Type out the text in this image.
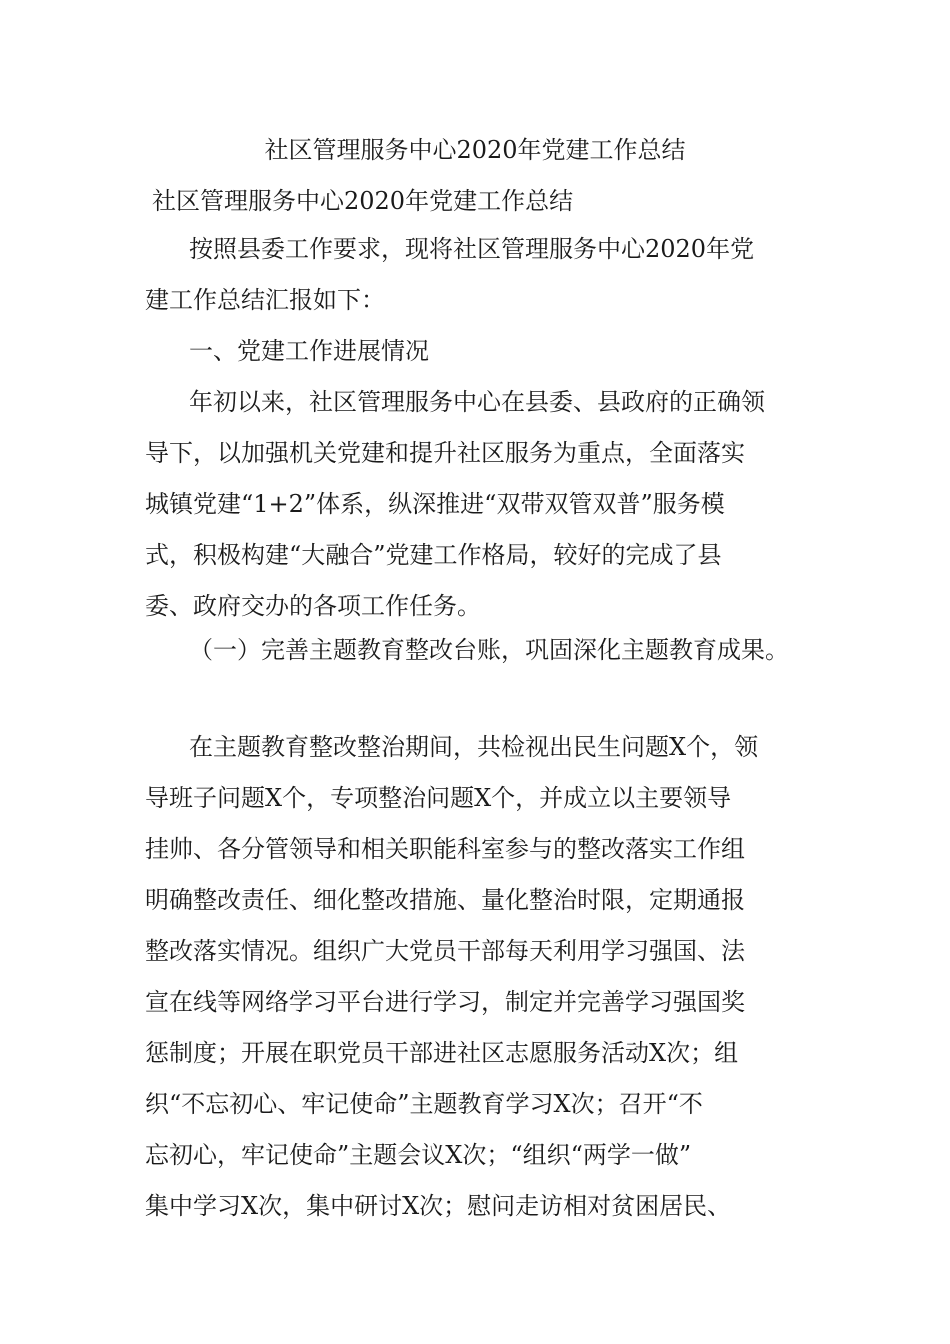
社区管理服务中心2020年党建工作总结
社区管理服务中心2020年党建工作总结
按照县委工作要求，现将社区管理服务中心2020年党
建工作总结汇报如下：
一、党建工作进展情况
年初以来，社区管理服务中心在县委、县政府的正确领
导下，以加强机关党建和提升社区服务为重点，全面落实
城镇党建“1+2”体系，纵深推进“双带双管双普”服务模
式，积极构建“大融合”党建工作格局，较好的完成了县
委、政府交办的各项工作任务。
（一）完善主题教育整改台账，巩固深化主题教育成果。
在主题教育整改整治期间，共检视出民生问题X个，领
导班子问题X个，专项整治问题X个，并成立以主要领导
挂帅、各分管领导和相关职能科室参与的整改落实工作组
明确整改责任、细化整改措施、量化整治时限，定期通报
整改落实情况。组织广大党员干部每天利用学习强国、法
宣在线等网络学习平台进行学习，制定并完善学习强国奖
惩制度；开展在职党员干部进社区志愿服务活动X次；组
织“不忘初心、牢记使命”主题教育学习X次；召开“不
忘初心，牢记使命”主题会议X次；“组织“两学一做”
集中学习X次，集中研讨X次；慰问走访相对贫困居民、
